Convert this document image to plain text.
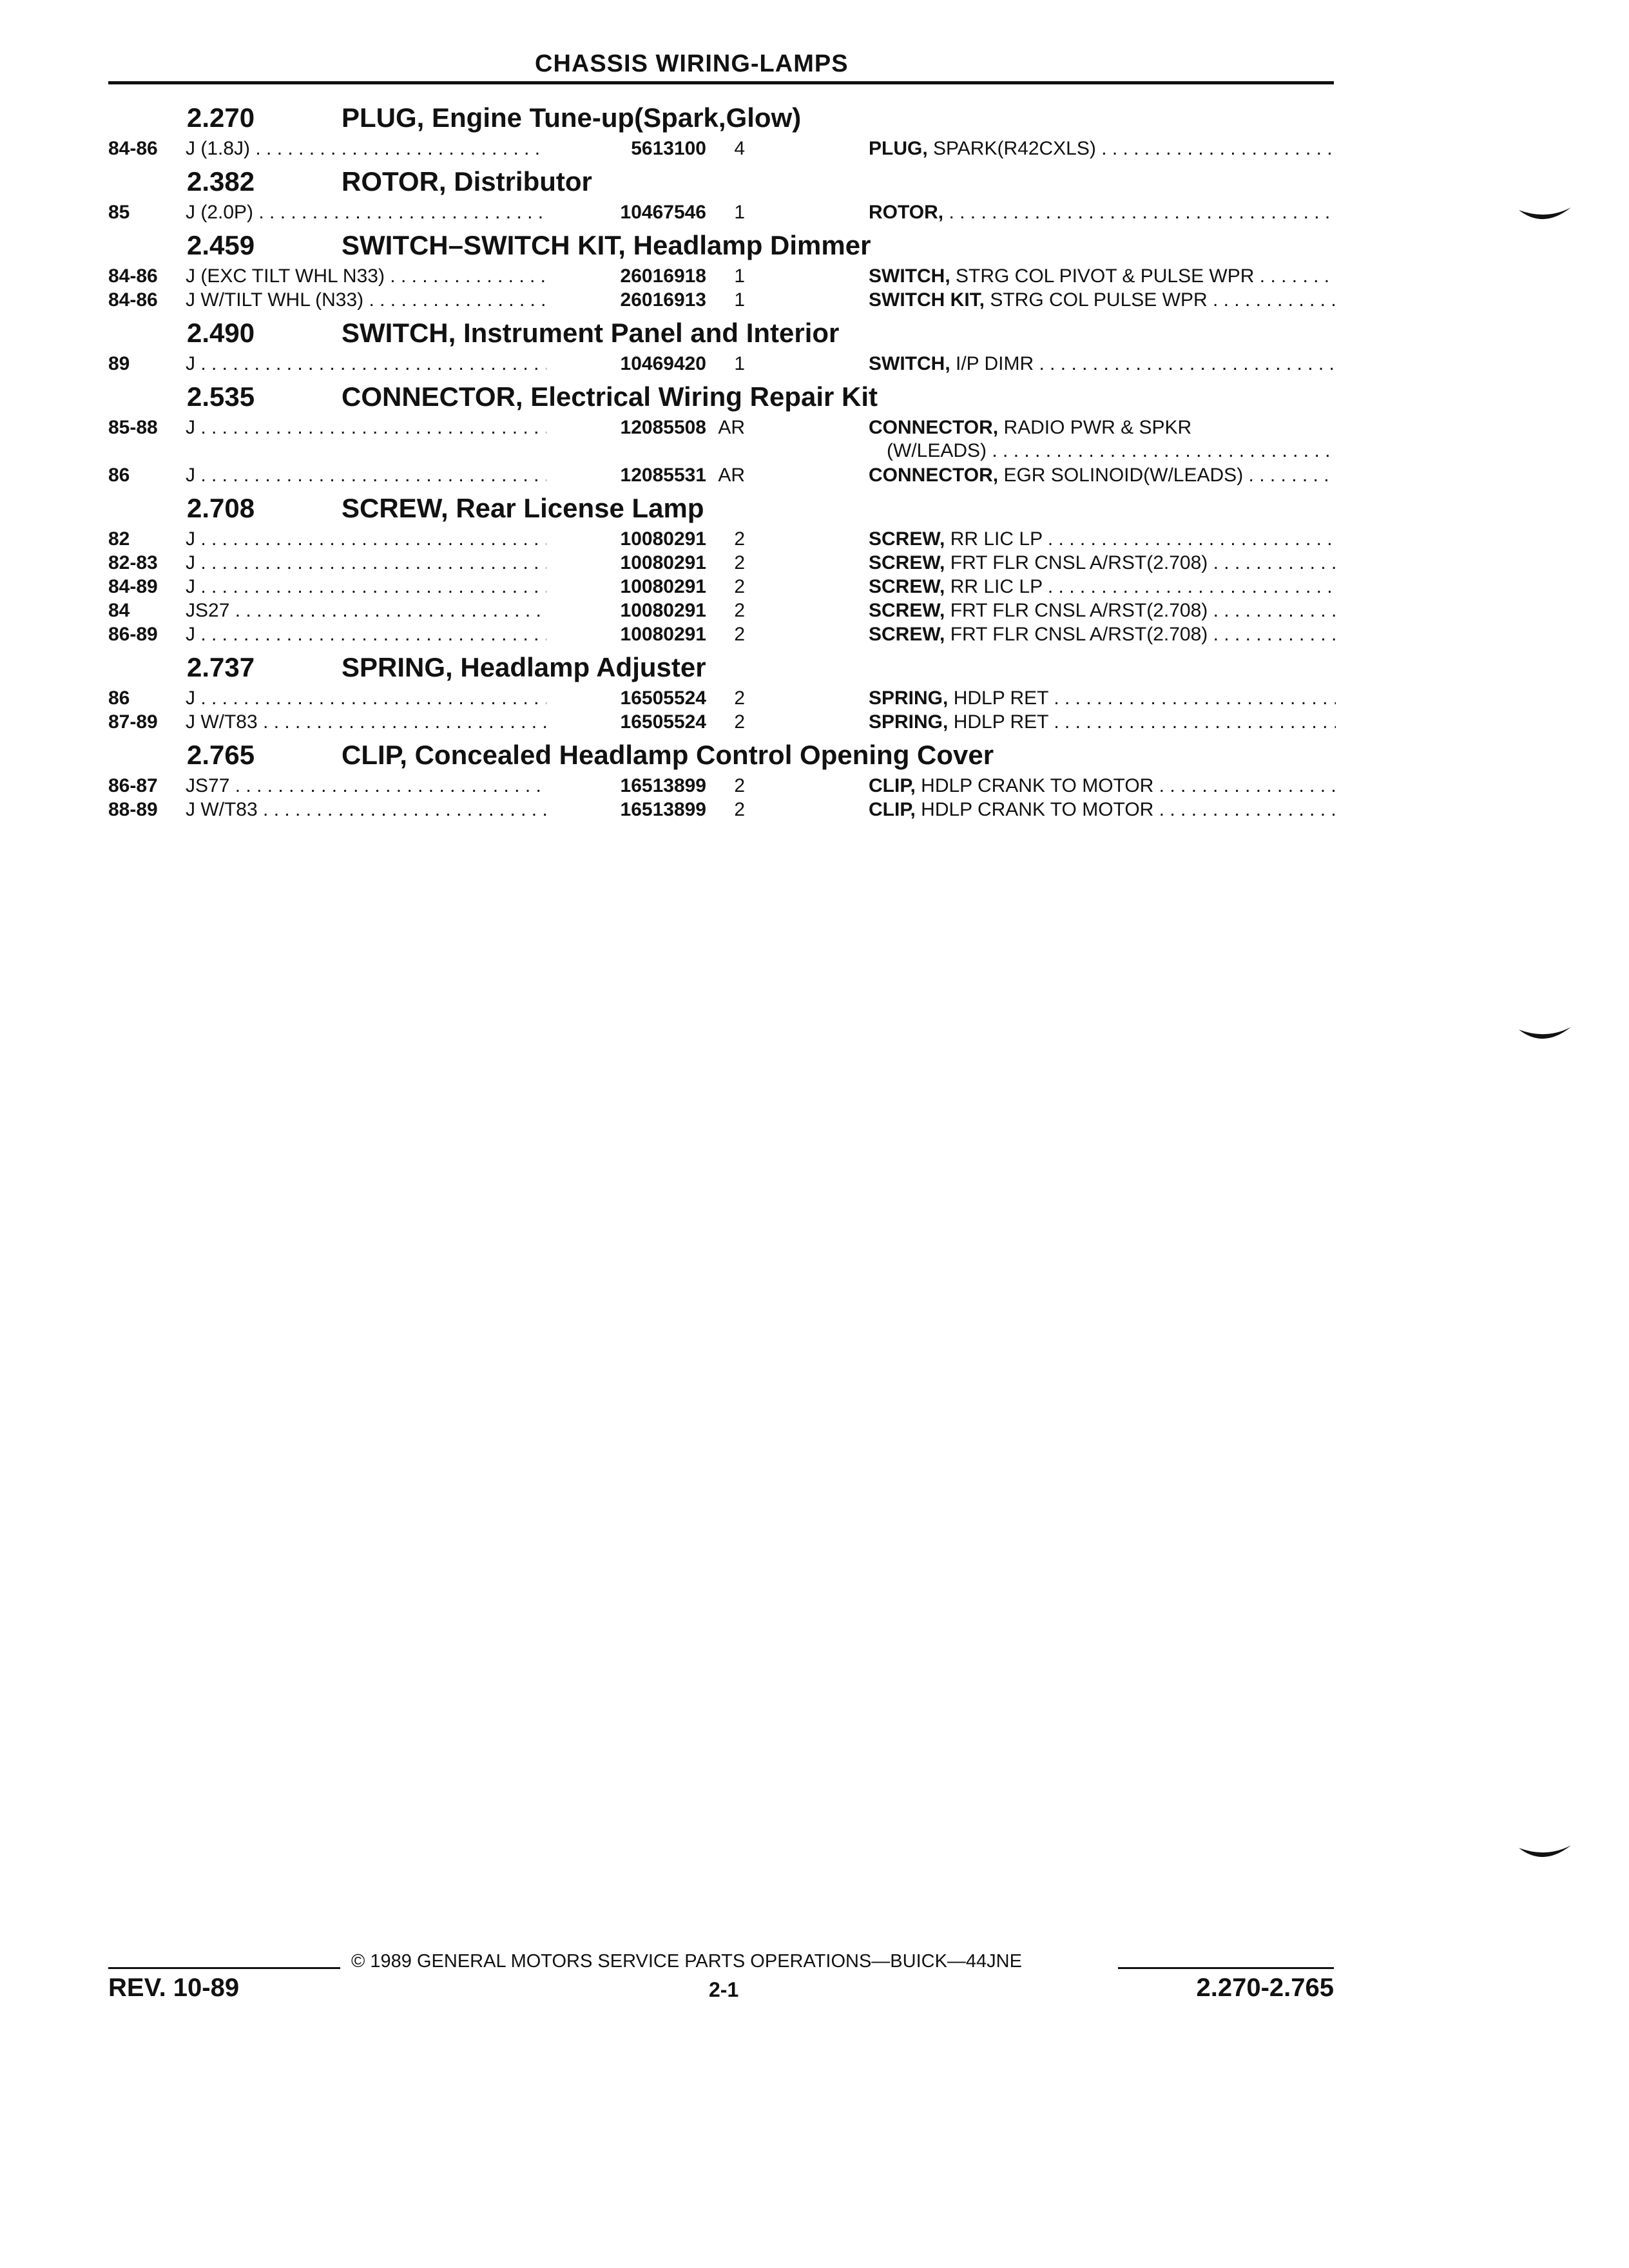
CHASSIS WIRING-LAMPS
2.270	PLUG, Engine Tune-up(Spark,Glow)
84-86 J (1.8J) . . .	5613100	4	PLUG, SPARK(R42CXLS) . . .
2.382	ROTOR, Distributor
85	J (2.0P) . . .	10467546	1	ROTOR, . . .
2.459	SWITCH–SWITCH KIT, Headlamp Dimmer
84-86 J (EXC TILT WHL N33) . . .	26016918	1	SWITCH, STRG COL PIVOT & PULSE WPR . . .
84-86 J W/TILT WHL (N33) . . .	26016913	1	SWITCH KIT, STRG COL PULSE WPR . . .
2.490	SWITCH, Instrument Panel and Interior
89	J . . .	10469420	1	SWITCH, I/P DIMR . . .
2.535	CONNECTOR, Electrical Wiring Repair Kit
85-88 J . . .	12085508 AR	CONNECTOR, RADIO PWR & SPKR
(W/LEADS) . . .
86	J . . .	12085531 AR	CONNECTOR, EGR SOLINOID(W/LEADS) . . .
2.708	SCREW, Rear License Lamp
82	J . . .	10080291	2	SCREW, RR LIC LP . . .
82-83 J . . .	10080291	2	SCREW, FRT FLR CNSL A/RST(2.708) . . .
84-89 J . . .	10080291	2	SCREW, RR LIC LP . . .
84	JS27 . . .	10080291	2	SCREW, FRT FLR CNSL A/RST(2.708) . . .
86-89 J . . .	10080291	2	SCREW, FRT FLR CNSL A/RST(2.708) . . .
2.737	SPRING, Headlamp Adjuster
86	J . . .	16505524	2	SPRING, HDLP RET . . .
87-89 J W/T83 . . .	16505524	2	SPRING, HDLP RET . . .
2.765	CLIP, Concealed Headlamp Control Opening Cover
86-87 JS77 . . .	16513899	2	CLIP, HDLP CRANK TO MOTOR . . .
88-89 J W/T83 . . .	16513899	2	CLIP, HDLP CRANK TO MOTOR . . .
© 1989 GENERAL MOTORS SERVICE PARTS OPERATIONS—BUICK—44JNE
REV. 10-89	2-1	2.270-2.765
